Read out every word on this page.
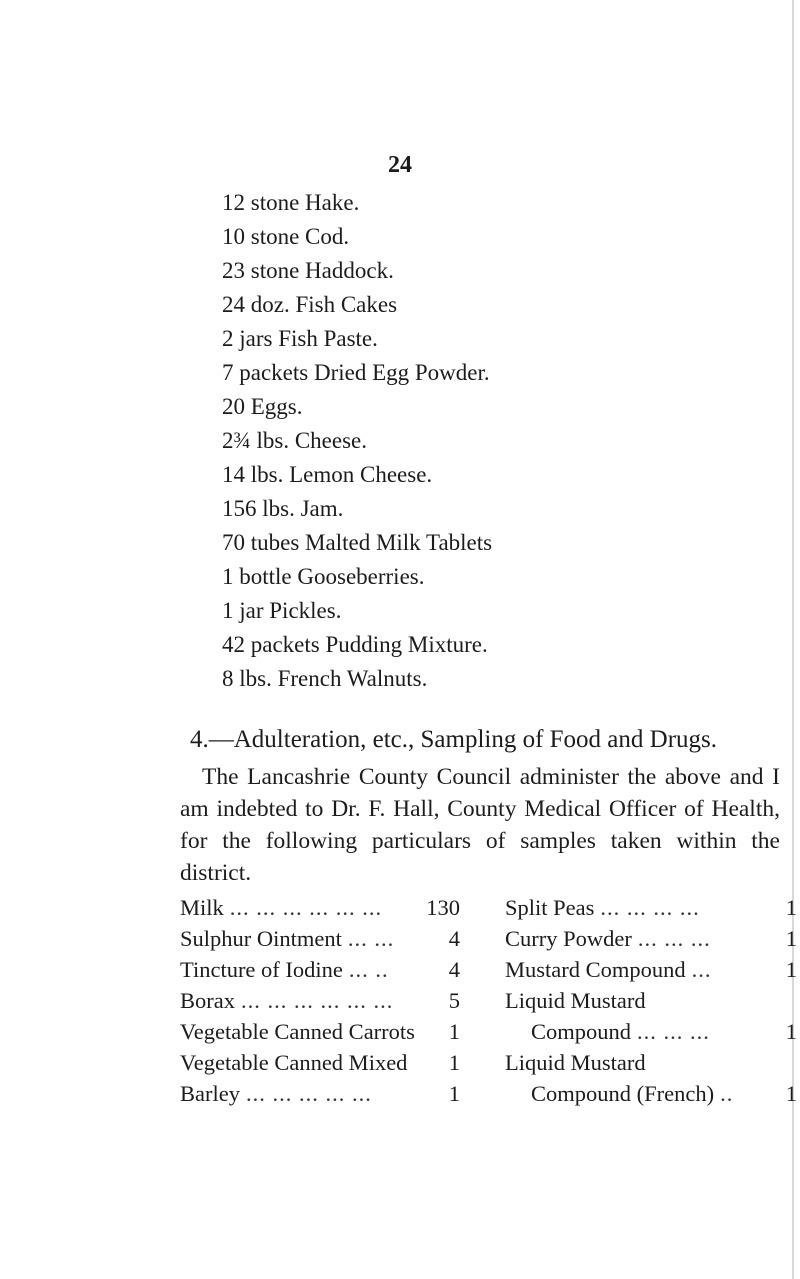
24
12 stone Hake.
10 stone Cod.
23 stone Haddock.
24 doz. Fish Cakes
2 jars Fish Paste.
7 packets Dried Egg Powder.
20 Eggs.
2¾ lbs. Cheese.
14 lbs. Lemon Cheese.
156 lbs. Jam.
70 tubes Malted Milk Tablets
1 bottle Gooseberries.
1 jar Pickles.
42 packets Pudding Mixture.
8 lbs. French Walnuts.
4.—Adulteration, etc., Sampling of Food and Drugs.

The Lancashrie County Council administer the above and I am indebted to Dr. F. Hall, County Medical Officer of Health, for the following particulars of samples taken within the district.

Milk ... ... ... ... ... ...	130
Sulphur Ointment ... ...	4
Tincture of Iodine ... ..	4
Borax ... ... ... ... ... ...	5
Vegetable Canned Carrots 1
Vegetable Canned Mixed 1
Barley ... ... ... ... ...	1
Split Peas ... ... ... ...	1
Curry Powder ... ... ...	1
Mustard Compound ...	1
Liquid Mustard
Compound ... ... ...	1
Liquid Mustard
Compound (French) ..	1
